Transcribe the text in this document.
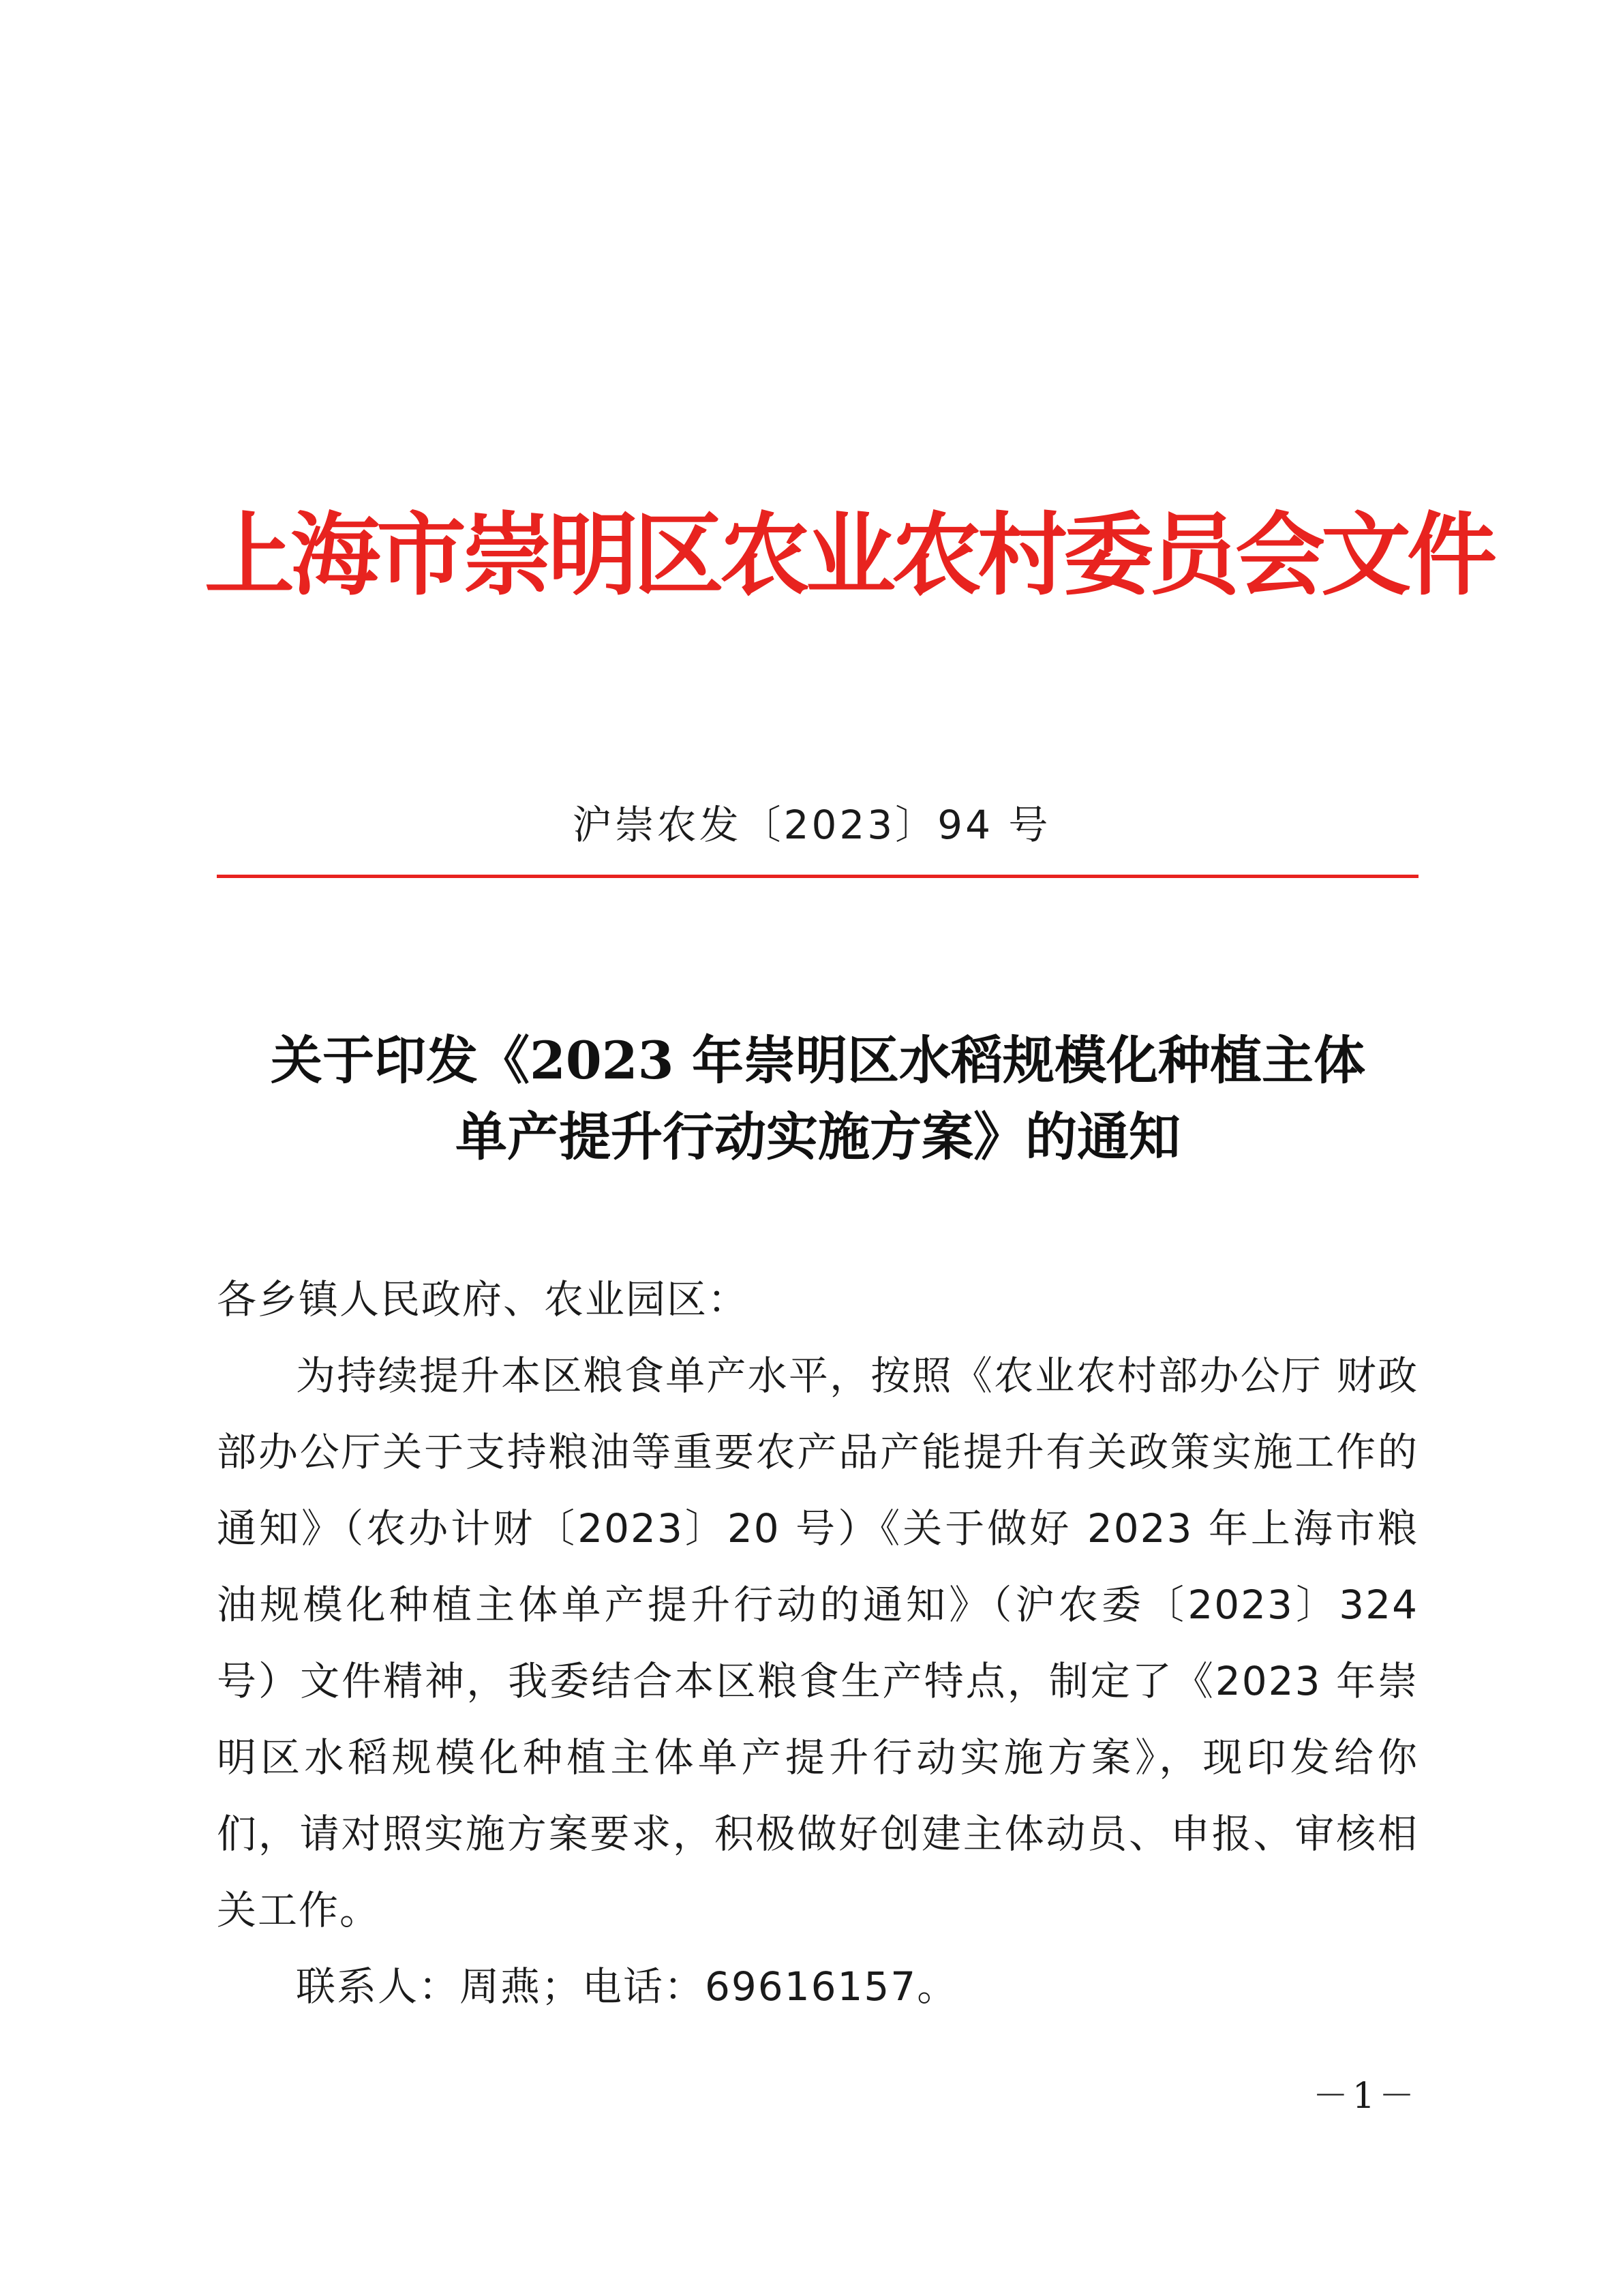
上海市崇明区农业农村委员会文件
沪崇农发〔2023〕94 号
关于印发《2023 年崇明区水稻规模化种植主体
单产提升行动实施方案》的通知

各乡镇人民政府、农业园区：

为持续提升本区粮食单产水平，按照《农业农村部办公厅 财政部办公厅关于支持粮油等重要农产品产能提升有关政策实施工作的通知》（农办计财〔2023〕20 号）《关于做好 2023 年上海市粮油规模化种植主体单产提升行动的通知》（沪农委〔2023〕324 号）文件精神，我委结合本区粮食生产特点，制定了《2023 年崇明区水稻规模化种植主体单产提升行动实施方案》，现印发给你们，请对照实施方案要求，积极做好创建主体动员、申报、审核相关工作。

联系人：周燕；电话：69616157。

－1－
